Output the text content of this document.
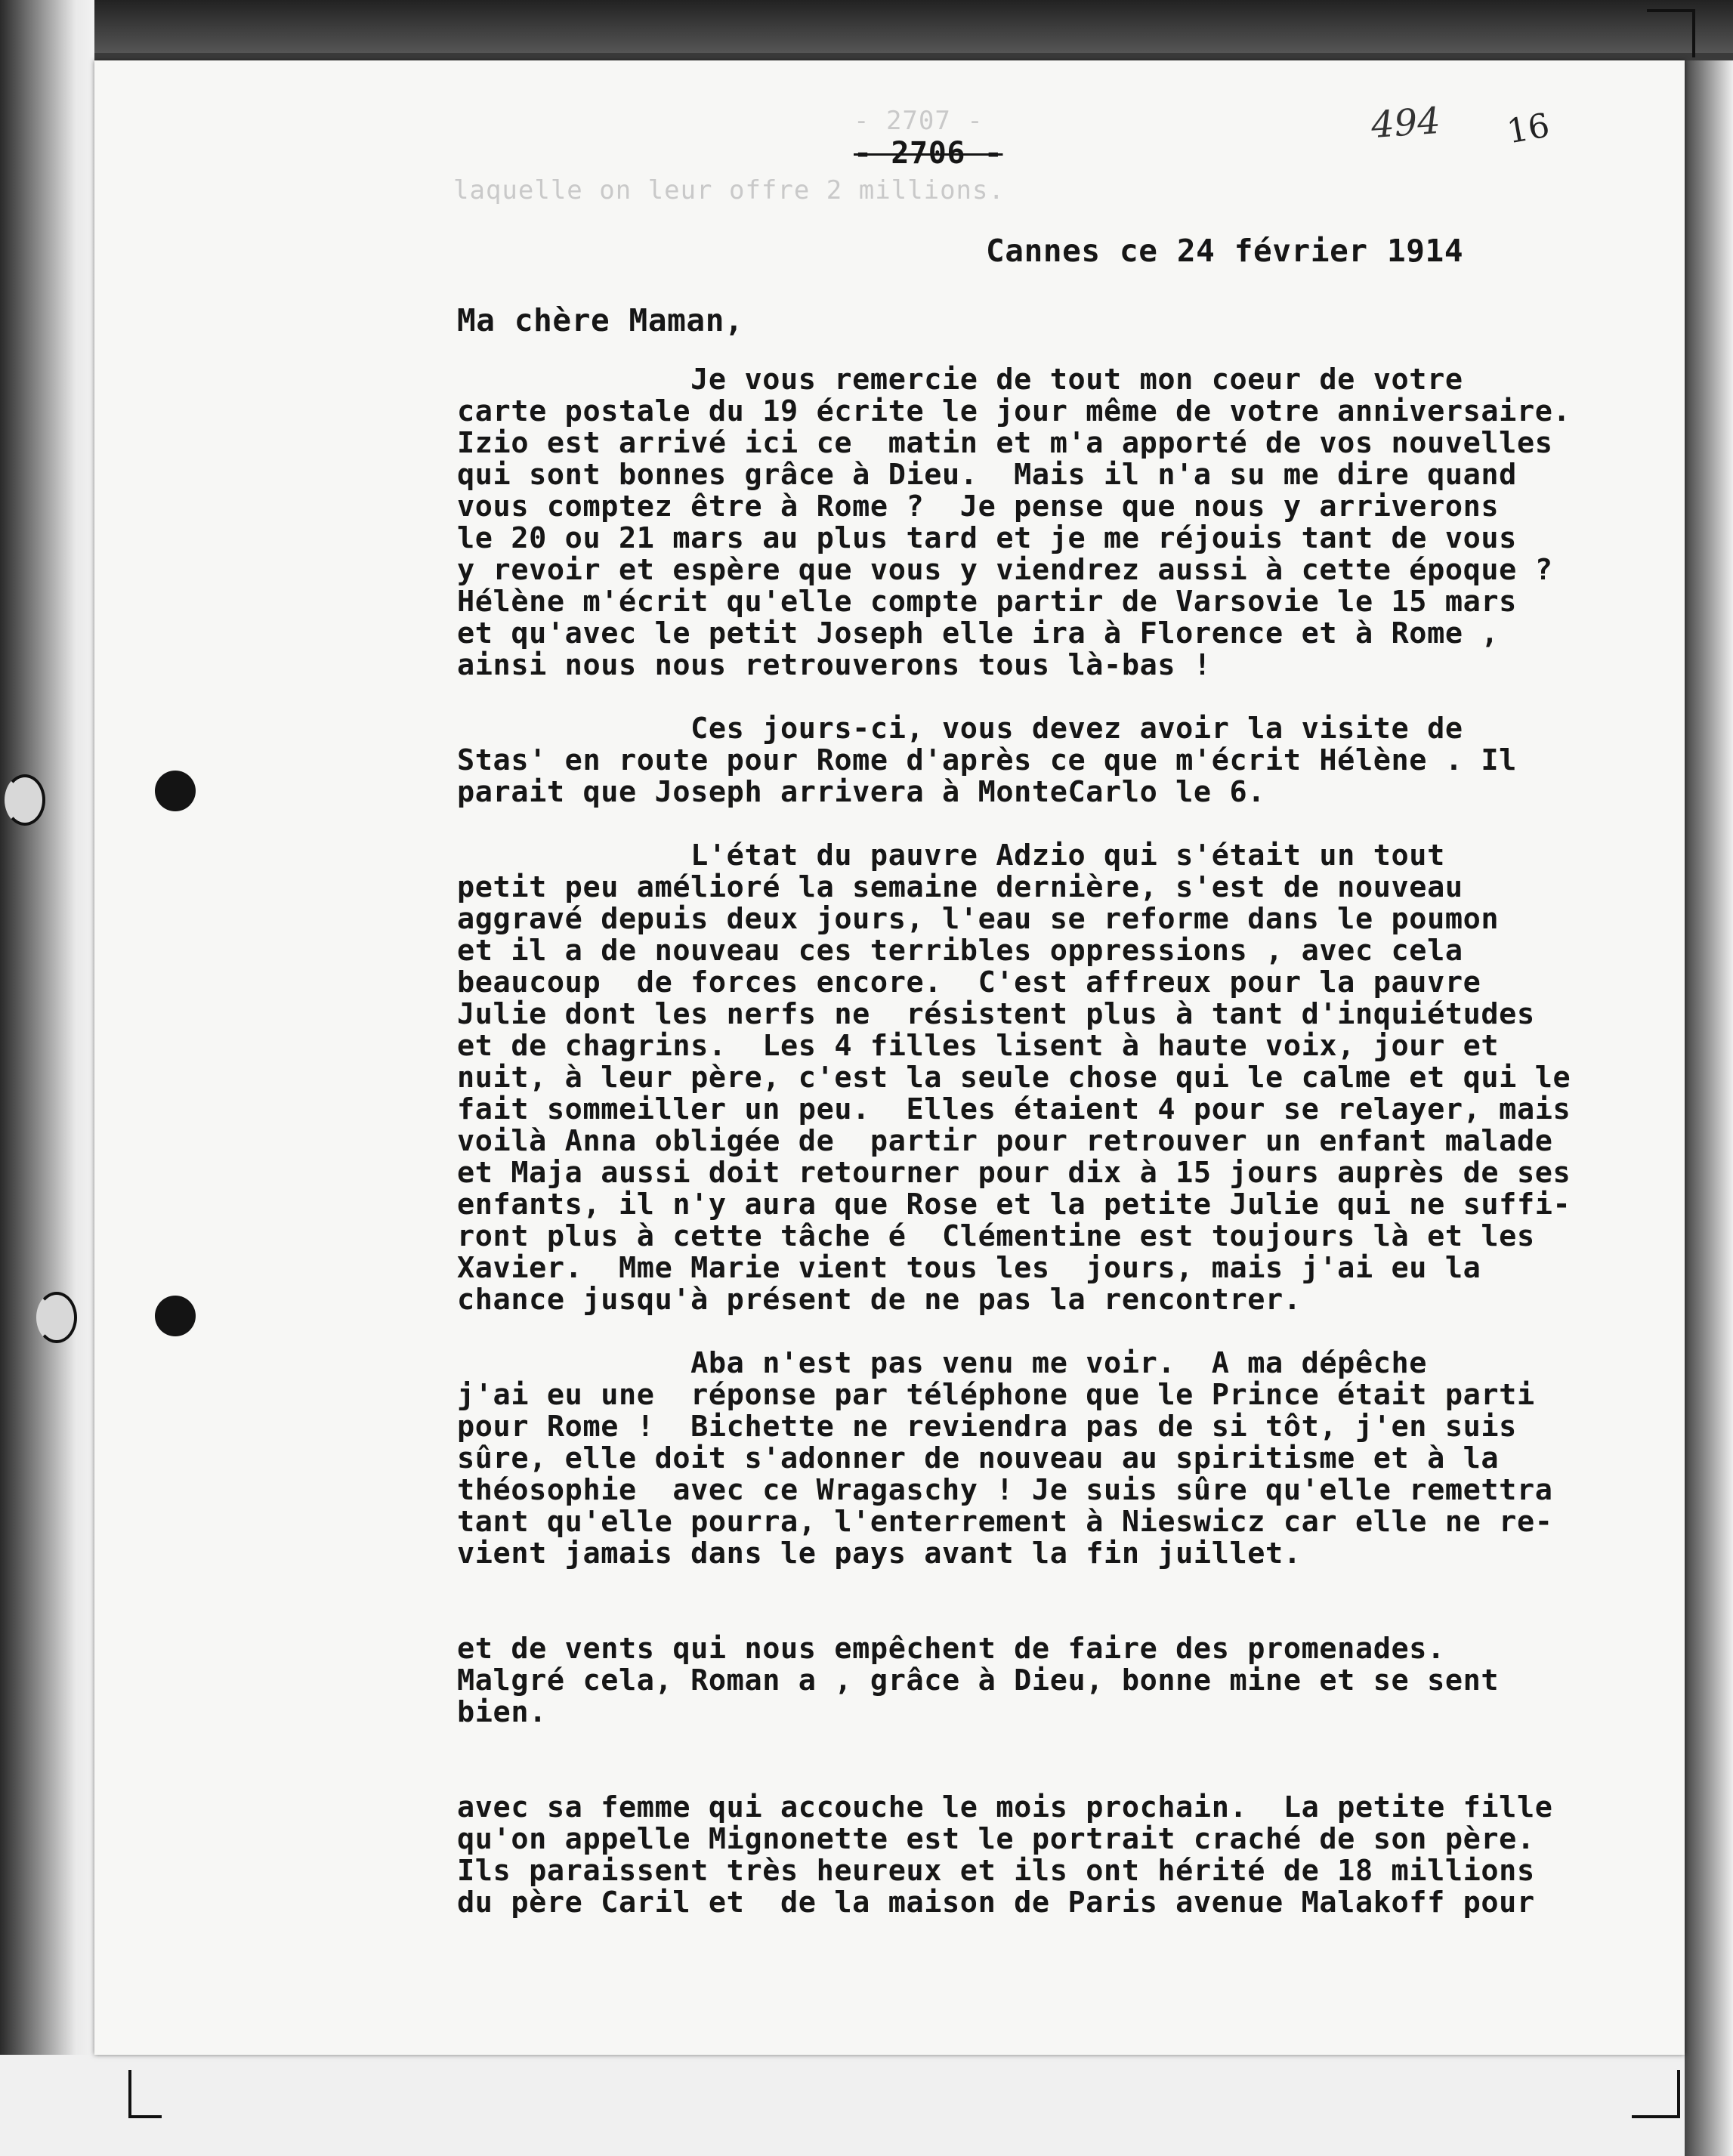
- 2707 -
laquelle on leur offre 2 millions.
- 2706 -
494 16
Cannes ce 24 février 1914
Ma chère Maman,
Je vous remercie de tout mon coeur de votre
carte postale du 19 écrite le jour même de votre anniversaire.
Izio est arrivé ici ce  matin et m'a apporté de vos nouvelles
qui sont bonnes grâce à Dieu.  Mais il n'a su me dire quand
vous comptez être à Rome ?  Je pense que nous y arriverons
le 20 ou 21 mars au plus tard et je me réjouis tant de vous
y revoir et espère que vous y viendrez aussi à cette époque ?
Hélène m'écrit qu'elle compte partir de Varsovie le 15 mars
et qu'avec le petit Joseph elle ira à Florence et à Rome ,
ainsi nous nous retrouverons tous là-bas !
Ces jours-ci, vous devez avoir la visite de
Stas' en route pour Rome d'après ce que m'écrit Hélène . Il
parait que Joseph arrivera à MonteCarlo le 6.
L'état du pauvre Adzio qui s'était un tout
petit peu amélioré la semaine dernière, s'est de nouveau
aggravé depuis deux jours, l'eau se reforme dans le poumon
et il a de nouveau ces terribles oppressions , avec cela
beaucoup  de forces encore.  C'est affreux pour la pauvre
Julie dont les nerfs ne  résistent plus à tant d'inquiétudes
et de chagrins.  Les 4 filles lisent à haute voix, jour et
nuit, à leur père, c'est la seule chose qui le calme et qui le
fait sommeiller un peu.  Elles étaient 4 pour se relayer, mais
voilà Anna obligée de  partir pour retrouver un enfant malade
et Maja aussi doit retourner pour dix à 15 jours auprès de ses
enfants, il n'y aura que Rose et la petite Julie qui ne suffi-
ront plus à cette tâche é  Clémentine est toujours là et les
Xavier.  Mme Marie vient tous les  jours, mais j'ai eu la
chance jusqu'à présent de ne pas la rencontrer.
Aba n'est pas venu me voir.  A ma dépêche
j'ai eu une  réponse par téléphone que le Prince était parti
pour Rome !  Bichette ne reviendra pas de si tôt, j'en suis
sûre, elle doit s'adonner de nouveau au spiritisme et à la
théosophie  avec ce Wragaschy ! Je suis sûre qu'elle remettra
tant qu'elle pourra, l'enterrement à Nieswicz car elle ne re-
vient jamais dans le pays avant la fin juillet.
et de vents qui nous empêchent de faire des promenades.
Malgré cela, Roman a , grâce à Dieu, bonne mine et se sent
bien.
avec sa femme qui accouche le mois prochain.  La petite fille
qu'on appelle Mignonette est le portrait craché de son père.
Ils paraissent très heureux et ils ont hérité de 18 millions
du père Caril et  de la maison de Paris avenue Malakoff pour
